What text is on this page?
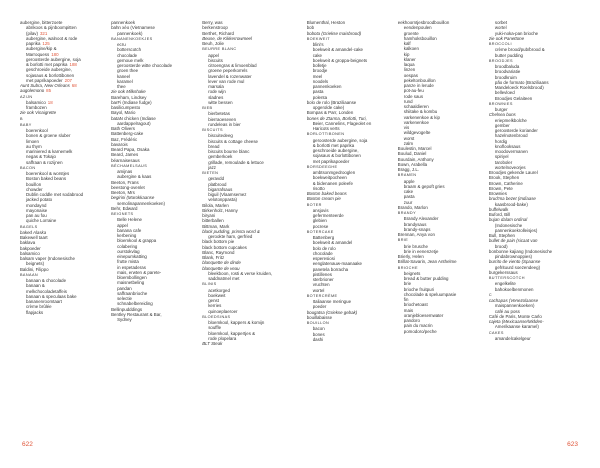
aubergine, bitterzoete
abrikoos & pijnboompitten
(pilav) 321
aubergine, walnoot & rode
paprika 125
aubergine/kip &
Marroquess 180
geroosterde aubergine, soja
& borlotti met paprika 188
geschroeide aubergine,
sojasaus & borlottibonen
met paprikapoeder 207
Aunt Subra, New Orleans 68
augolemono 85
AZIJN
balsamico 18
frambozen
zie ook Vinaigrette
B
BABY
boerenkool
bonen & groene sluber
limoen
au thym
mariniered & karnemelk
negas & Tokajo
saffraan & rozijnen
BACON
boerenkool & worstjes
Boston baked beans
bouillon
chowder
Dublin coddle met sodabrood
jacked potato
mondaynd
mayonaise
pan au fou
quiche Lorraine
BAGELS
baked Alaska
Bakewell taart
baklava
bakpoeder
balsamico
balsam vaper (Indonesische
beignets)
Baldini, Filippo
BANAAN
banaan & chocolade
banaan &
melkchocoladetaffeis
banaan & speculaas bake
bananenroomtaart
crème brûlée
flapjacks
pannenkoek
bahn xèo (Vietnamese
pannenkoek)
BANANENKOEKJES
ecru
botterscotch
chocolade
gemoue melk
geroosterde witte chocolade
groen thee
kaneel
karamel
thee
zie ook Milkshake
Bareham, Lindsey
barFi (Indiase fudge)
basilicumpesto
Bayol, Mario
bataN chicken (Indiase
aardappelragout)
Bath Olivers
Battenberg-cake
Baz, Frédéric
bavarois
Beard Papa, Osaka
Beard, James
béarnaisesaus
BÉCHAMELSAUS
amijnas
aubergine & kaas
Beeton, Frans
beestong-ovenlet
Beeton, Mrs
begirini (Marokkaanse
semolinapannenkoeken)
Behr, Edward
BEIGNETS
Belle Helene
appel
banana cafe
kerbening
bloemkool & grappa
colabering
ourstokvlag
einepumkatting
frutte mista
in espetaderas
mais, erwten & parete-
bloembollingen
maisnetbeling
pandan
saffraanbrioche
selectie
schnabelbereiding
Bellinpudddings
Bentley Restaurant & Bar,
Sydney
Berry, was
berkenstroop
Berthet, Richard
Beuse, de Kikkerrowmeel
Beuh, Jolie
BEURRE BLANC
appel
biscuits
citroengras & limoenblad
groene peperkorrels
lavendel & rozenwater
lever van rode mul
marsala
rode wijn
sladnes
witte bessen
BIEB
bierbetetas
bierraoeseven
rundeleas in bier
BISCUITS
biscuitedeeg
biscuits & cottage cheese
bread
biscuits bourne blanc
gemberkoek
grillade, remoulade & lettuce
jazz
BIETEN
geravdd
platbrood
bigarrafsaus
biguil (Vlaamsemez
velotonppasta)
Bilola, Marlen
Birkenholz, Hanny
biryani
bitterballen
Bittman, Mark
black pudding, prinsta word &
gerookte ham, gerfried
black bottom pie
black bottom cupcakes
Blanc, Raymond
Blank, Fritz
blanquette de dinde
blanquette de veau
bleekboon, rosti & verse kruiden,
saddnatmel met
BLINIS
acetkorged
boekweit
genst
kerries
quinoeplaeroer
BLOEDSINAS
bloemkool, kappers & komijn
souffle
bloemkool, kappertjes &
rode plopelara
BLT Steak
Blumenthal, Heston
bob
bobota (Griekse maisbrood)
BOEKWEIT
blini's
boekweit & amandel-cake
cake
boekweit & groppa-beignets
bolletje
broodje
meel
noodels
pannenkoeken
pasta
polenta
bolo de rolo (Braziliaanse
opgerolde cake)
Bompas & Parr, Londen
bones de Ztarma, Borlotti, Turi,
Beier, Cannelins, Flageolet en
Haricots verts
BORLOTTIBONEN
geroosterde aubergine, soja
& borlotti met paprika
geschroeide aubergine,
sojasaus & borlottibonen
met paprikapoeder
BORSDEEGHE
ambtsonmgedrooglen
boekweitpocheen
& bidenanen poleefe
risotto
Boston baked beans
Boston cream pie
BOTER
ansjovis
gefermenteerde
glebien
pocrese
BOTERCAKE
Battenberg
boekweit & amandel
bolo de rolo
chocolade
esperesiosi
eenglatenauw-maanaake
panetela borracha
pistillenes
sterbrioner
vruchten
wortel
BOTERCRÈME
Italiaanse meringue
poeder
bougatsa (Griekse gebak)
bouillabaisse
BOUILLON
bacon
bones
dashi
eekhoorntjesbroodbouillon
eendenpoulen
groente
hamhoksbouillon
kalf
kalkoen
kip
klaner
laqua
linzen
oespas
pekeltonbouillon
panze in lerude
pot-au-feu
rode saus
rund
schaaldieren
shiitake & kombu
varkenenkoe & kip
varkenenkoe
vis
wildgevogelte
worst
zalm
Boulestin, Marcel
Boulud, Daniel
Bourdain, Anthony
Bown, Arabella
Bragg, J.L.
BRAMEN
apple
braam & gepoft gries
cake
pasta
zuur
Brando, Marlon
BRANDY
Brandy Alexander
brandysaus
brandy-snaps
Brennan, Anya von
BRIE
brie brusche
brie in eenenzetje
Brierly, Helen
Brillat-Savarin, Jean Anthelme
BRIOCHE
beignets
bread & butter pudding
brie
brioche fruitpuri
chocolade & speluumpasie
fin
briochetoast
mais
oranjebloesemwater
pandoro
pain du macrin
pomodoro/peche
sorbet
wortel
yuki-noka-pan brioche
zie ook Panettone
BROCCOLI
crème brood/pub/brood &
butter pudding
BROODJES
broodbaluda
broodvariatie
broodkruim
pão de formato (Braziliaans
Mandeloeck Roelsbrood)
bellevloed
Broodjes Gelaiteen
BROWNIES
burger
Chelsea buns
eriepmelkbolche
gember
geroosterde koriander
hazelnotenbrood
hordig
knoflooksaus
moodovermanen
spiriyel
taroboler
wortelnoveorjes
Broodjes gekende Laurel
Brook, Stephen
Brown, Catherine
Brown, Pete
Brownies
brud'ma bezet (Indiaase
kaasbrood-bake)
buffelwalk
Buford, Bill
bujan dalam ordinal
(Indonesische
pannenkoekrolleisjes)
Bull, Stephen
bullet de pain (sicaat van
brood)
bonbonne kajiang (Indonesische
pindabrownoppies)
burrito de viento (Spaanse
gefrituurd soezendeeg)
burgekerssaus
BUTTERSCOTCH
engelkelite
bahokoelbenmonen
C
cachapas (Venezolaanse
maispannenkoeken)
café au poss
Café de Paris, Monte Carlo
cajeta (Mexicaanse/Midden-
Amerikaanse karamel)
CAKES
amandelcakelgeur
622	623
